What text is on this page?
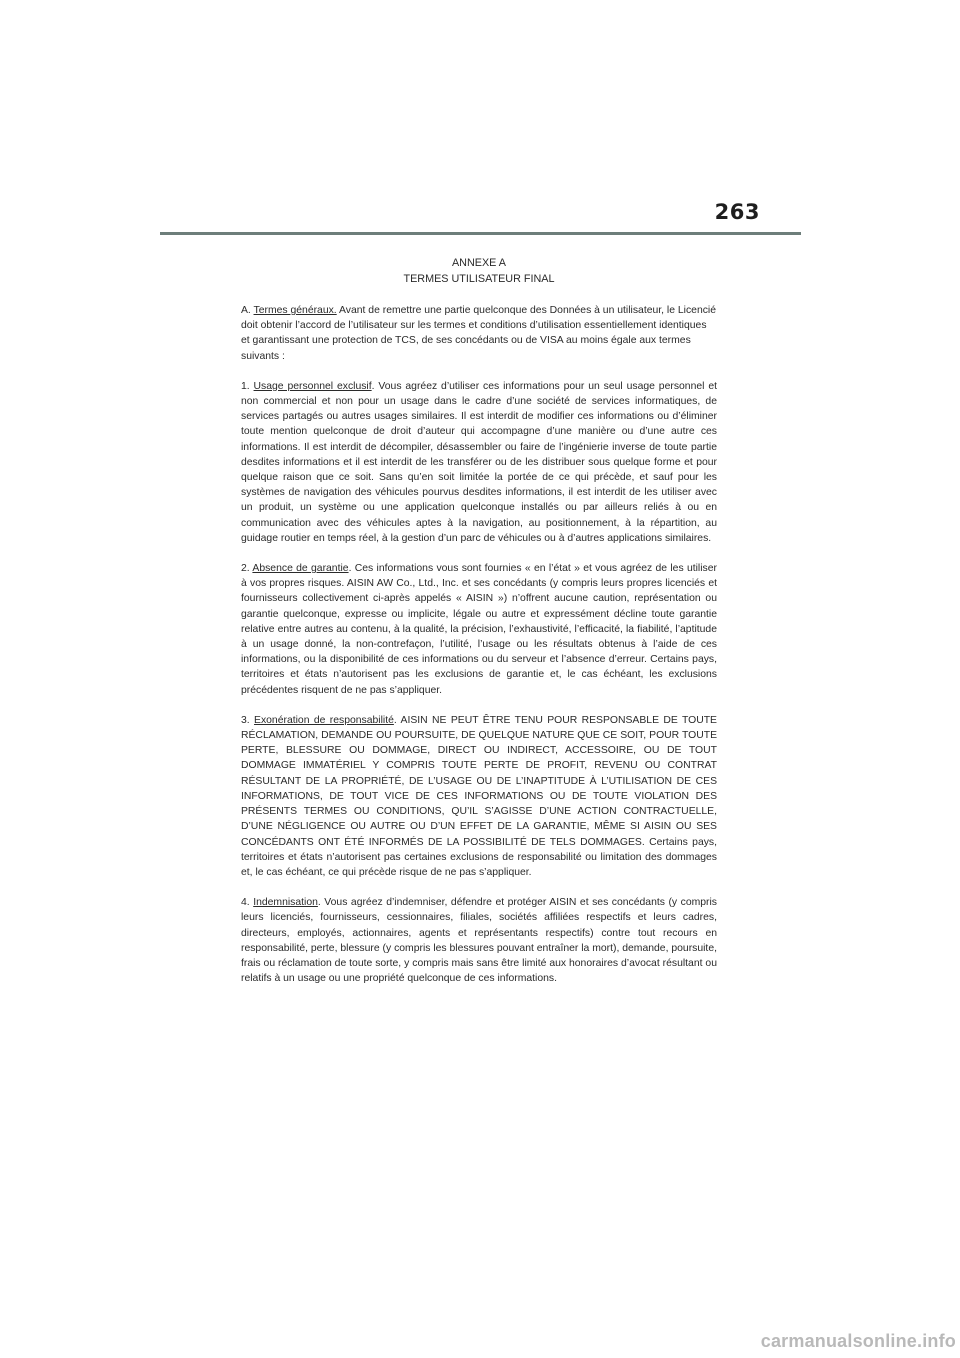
263

ANNEXE A
TERMES UTILISATEUR FINAL

A. Termes généraux. Avant de remettre une partie quelconque des Données à un utilisateur, le Licencié doit obtenir l’accord de l’utilisateur sur les termes et conditions d’utilisation essentiellement identiques et garantissant une protection de TCS, de ses concédants ou de VISA au moins égale aux termes suivants :

1. Usage personnel exclusif. Vous agréez d’utiliser ces informations pour un seul usage personnel et non commercial et non pour un usage dans le cadre d’une société de services informatiques, de services partagés ou autres usages similaires. Il est interdit de modifier ces informations ou d’éliminer toute mention quelconque de droit d’auteur qui accompagne d’une manière ou d’une autre ces informations. Il est interdit de décompiler, désassembler ou faire de l’ingénierie inverse de toute partie desdites informations et il est interdit de les transférer ou de les distribuer sous quelque forme et pour quelque raison que ce soit. Sans qu’en soit limitée la portée de ce qui précède, et sauf pour les systèmes de navigation des véhicules pourvus desdites informations, il est interdit de les utiliser avec un produit, un système ou une application quelconque installés ou par ailleurs reliés à ou en communication avec des véhicules aptes à la navigation, au positionnement, à la répartition, au guidage routier en temps réel, à la gestion d’un parc de véhicules ou à d’autres applications similaires.

2. Absence de garantie. Ces informations vous sont fournies « en l’état » et vous agréez de les utiliser à vos propres risques. AISIN AW Co., Ltd., Inc. et ses concédants (y compris leurs propres licenciés et fournisseurs collectivement ci-après appelés « AISIN ») n’offrent aucune caution, représentation ou garantie quelconque, expresse ou implicite, légale ou autre et expressément décline toute garantie relative entre autres au contenu, à la qualité, la précision, l’exhaustivité, l’efficacité, la fiabilité, l’aptitude à un usage donné, la non-contrefaçon, l’utilité, l’usage ou les résultats obtenus à l’aide de ces informations, ou la disponibilité de ces informations ou du serveur et l’absence d’erreur. Certains pays, territoires et états n’autorisent pas les exclusions de garantie et, le cas échéant, les exclusions précédentes risquent de ne pas s’appliquer.

3. Exonération de responsabilité. AISIN NE PEUT ÊTRE TENU POUR RESPONSABLE DE TOUTE RÉCLAMATION, DEMANDE OU POURSUITE, DE QUELQUE NATURE QUE CE SOIT, POUR TOUTE PERTE, BLESSURE OU DOMMAGE, DIRECT OU INDIRECT, ACCESSOIRE, OU DE TOUT DOMMAGE IMMATÉRIEL Y COMPRIS TOUTE PERTE DE PROFIT, REVENU OU CONTRAT RÉSULTANT DE LA PROPRIÉTÉ, DE L’USAGE OU DE L’INAPTITUDE À L’UTILISATION DE CES INFORMATIONS, DE TOUT VICE DE CES INFORMATIONS OU DE TOUTE VIOLATION DES PRÉSENTS TERMES OU CONDITIONS, QU’IL S’AGISSE D’UNE ACTION CONTRACTUELLE, D’UNE NÉGLIGENCE OU AUTRE OU D’UN EFFET DE LA GARANTIE, MÊME SI AISIN OU SES CONCÉDANTS ONT ÉTÉ INFORMÉS DE LA POSSIBILITÉ DE TELS DOMMAGES. Certains pays, territoires et états n’autorisent pas certaines exclusions de responsabilité ou limitation des dommages et, le cas échéant, ce qui précède risque de ne pas s’appliquer.

4. Indemnisation. Vous agréez d’indemniser, défendre et protéger AISIN et ses concédants (y compris leurs licenciés, fournisseurs, cessionnaires, filiales, sociétés affiliées respectifs et leurs cadres, directeurs, employés, actionnaires, agents et représentants respectifs) contre tout recours en responsabilité, perte, blessure (y compris les blessures pouvant entraîner la mort), demande, poursuite, frais ou réclamation de toute sorte, y compris mais sans être limité aux honoraires d’avocat résultant ou relatifs à un usage ou une propriété quelconque de ces informations.

carmanualsonline.info
